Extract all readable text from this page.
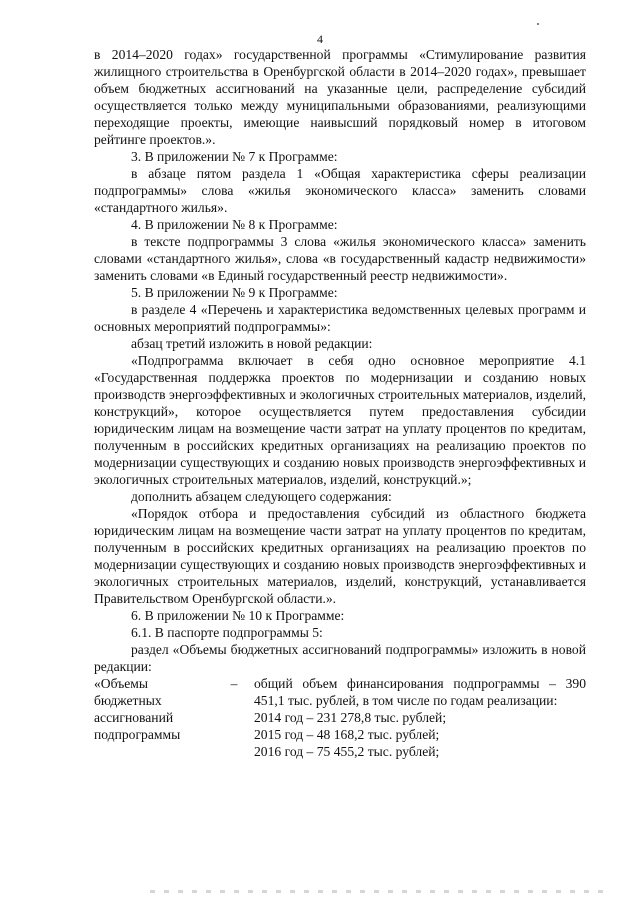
4

в 2014–2020 годах» государственной программы «Стимулирование развития жилищного строительства в Оренбургской области в 2014–2020 годах», превышает объем бюджетных ассигнований на указанные цели, распределение субсидий осуществляется только между муниципальными образованиями, реализующими переходящие проекты, имеющие наивысший порядковый номер в итоговом рейтинге проектов.».

3. В приложении № 7 к Программе:

в абзаце пятом раздела 1 «Общая характеристика сферы реализации подпрограммы» слова «жилья экономического класса» заменить словами «стандартного жилья».

4. В приложении № 8 к Программе:

в тексте подпрограммы 3 слова «жилья экономического класса» заменить словами «стандартного жилья», слова «в государственный кадастр недвижимости» заменить словами «в Единый государственный реестр недвижимости».

5. В приложении № 9 к Программе:

в разделе 4 «Перечень и характеристика ведомственных целевых программ и основных мероприятий подпрограммы»:

абзац третий изложить в новой редакции:

«Подпрограмма включает в себя одно основное мероприятие 4.1 «Государственная поддержка проектов по модернизации и созданию новых производств энергоэффективных и экологичных строительных материалов, изделий, конструкций», которое осуществляется путем предоставления субсидии юридическим лицам на возмещение части затрат на уплату процентов по кредитам, полученным в российских кредитных организациях на реализацию проектов по модернизации существующих и созданию новых производств энергоэффективных и экологичных строительных материалов, изделий, конструкций.»;

дополнить абзацем следующего содержания:

«Порядок отбора и предоставления субсидий из областного бюджета юридическим лицам на возмещение части затрат на уплату процентов по кредитам, полученным в российских кредитных организациях на реализацию проектов по модернизации существующих и созданию новых производств энергоэффективных и экологичных строительных материалов, изделий, конструкций, устанавливается Правительством Оренбургской области.».

6. В приложении № 10 к Программе:

6.1. В паспорте подпрограммы 5:

раздел «Объемы бюджетных ассигнований подпрограммы» изложить в новой редакции:

«Объемы
бюджетных
ассигнований
подпрограммы
–	общий объем финансирования подпрограммы – 390 451,1 тыс. рублей, в том числе по годам реализации:
2014 год – 231 278,8 тыс. рублей;
2015 год – 48 168,2 тыс. рублей;
2016 год – 75 455,2 тыс. рублей;
